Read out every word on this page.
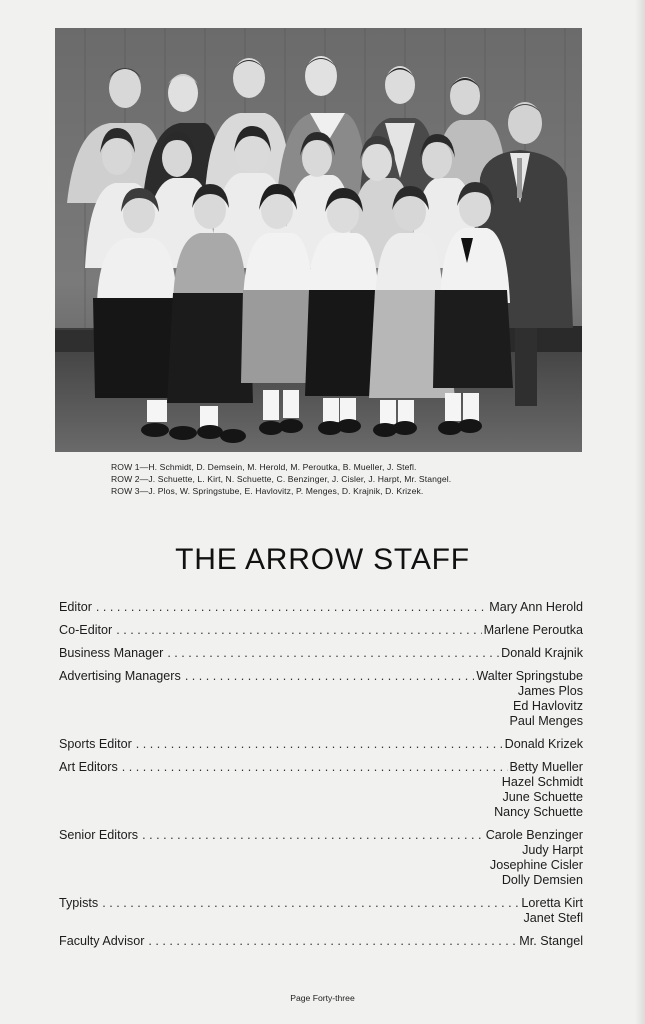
ROW 1—H. Schmidt, D. Demsein, M. Herold, M. Peroutka, B. Mueller, J. Stefl.
ROW 2—J. Schuette, L. Kirt, N. Schuette, C. Benzinger, J. Cisler, J. Harpt, Mr. Stangel.
ROW 3—J. Plos, W. Springstube, E. Havlovitz, P. Menges, D. Krajnik, D. Krizek.
THE ARROW STAFF
Editor . . .	Mary Ann Herold
Co-Editor . . .	Marlene Peroutka
Business Manager . . .	Donald Krajnik
Advertising Managers . . .	Walter Springstube
James Plos
Ed Havlovitz
Paul Menges
Sports Editor . . .	Donald Krizek
Art Editors . . .	Betty Mueller
Hazel Schmidt
June Schuette
Nancy Schuette
Senior Editors . . .	Carole Benzinger
Judy Harpt
Josephine Cisler
Dolly Demsien
Typists . . .	Loretta Kirt
Janet Stefl
Faculty Advisor . . .	Mr. Stangel
Page Forty-three
